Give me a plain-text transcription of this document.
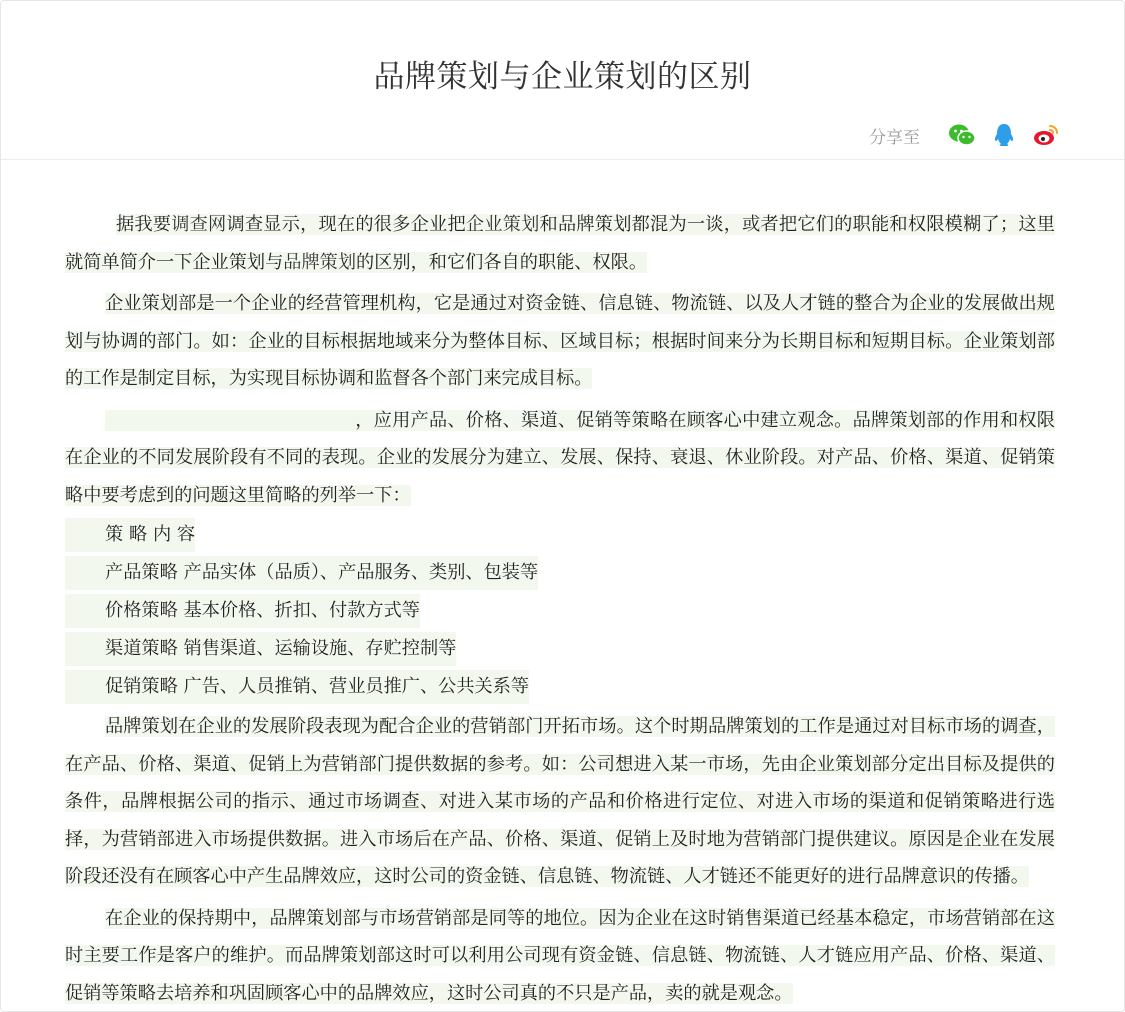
品牌策划与企业策划的区别
分享至

据我要调查网调查显示，现在的很多企业把企业策划和品牌策划都混为一谈，或者把它们的职能和权限模糊了；这里就简单简介一下企业策划与品牌策划的区别，和它们各自的职能、权限。

企业策划部是一个企业的经营管理机构，它是通过对资金链、信息链、物流链、以及人才链的整合为企业的发展做出规划与协调的部门。如：企业的目标根据地域来分为整体目标、区域目标；根据时间来分为长期目标和短期目标。企业策划部的工作是制定目标，为实现目标协调和监督各个部门来完成目标。

，应用产品、价格、渠道、促销等策略在顾客心中建立观念。品牌策划部的作用和权限在企业的不同发展阶段有不同的表现。企业的发展分为建立、发展、保持、衰退、休业阶段。对产品、价格、渠道、促销策略中要考虑到的问题这里简略的列举一下：

策 略 内 容
产品策略 产品实体（品质）、产品服务、类别、包装等
价格策略 基本价格、折扣、付款方式等
渠道策略 销售渠道、运输设施、存贮控制等
促销策略 广告、人员推销、营业员推广、公共关系等

品牌策划在企业的发展阶段表现为配合企业的营销部门开拓市场。这个时期品牌策划的工作是通过对目标市场的调查，在产品、价格、渠道、促销上为营销部门提供数据的参考。如：公司想进入某一市场，先由企业策划部分定出目标及提供的条件，品牌根据公司的指示、通过市场调查、对进入某市场的产品和价格进行定位、对进入市场的渠道和促销策略进行选择，为营销部进入市场提供数据。进入市场后在产品、价格、渠道、促销上及时地为营销部门提供建议。原因是企业在发展阶段还没有在顾客心中产生品牌效应，这时公司的资金链、信息链、物流链、人才链还不能更好的进行品牌意识的传播。

在企业的保持期中，品牌策划部与市场营销部是同等的地位。因为企业在这时销售渠道已经基本稳定，市场营销部在这时主要工作是客户的维护。而品牌策划部这时可以利用公司现有资金链、信息链、物流链、人才链应用产品、价格、渠道、促销等策略去培养和巩固顾客心中的品牌效应，这时公司真的不只是产品，卖的就是观念。
